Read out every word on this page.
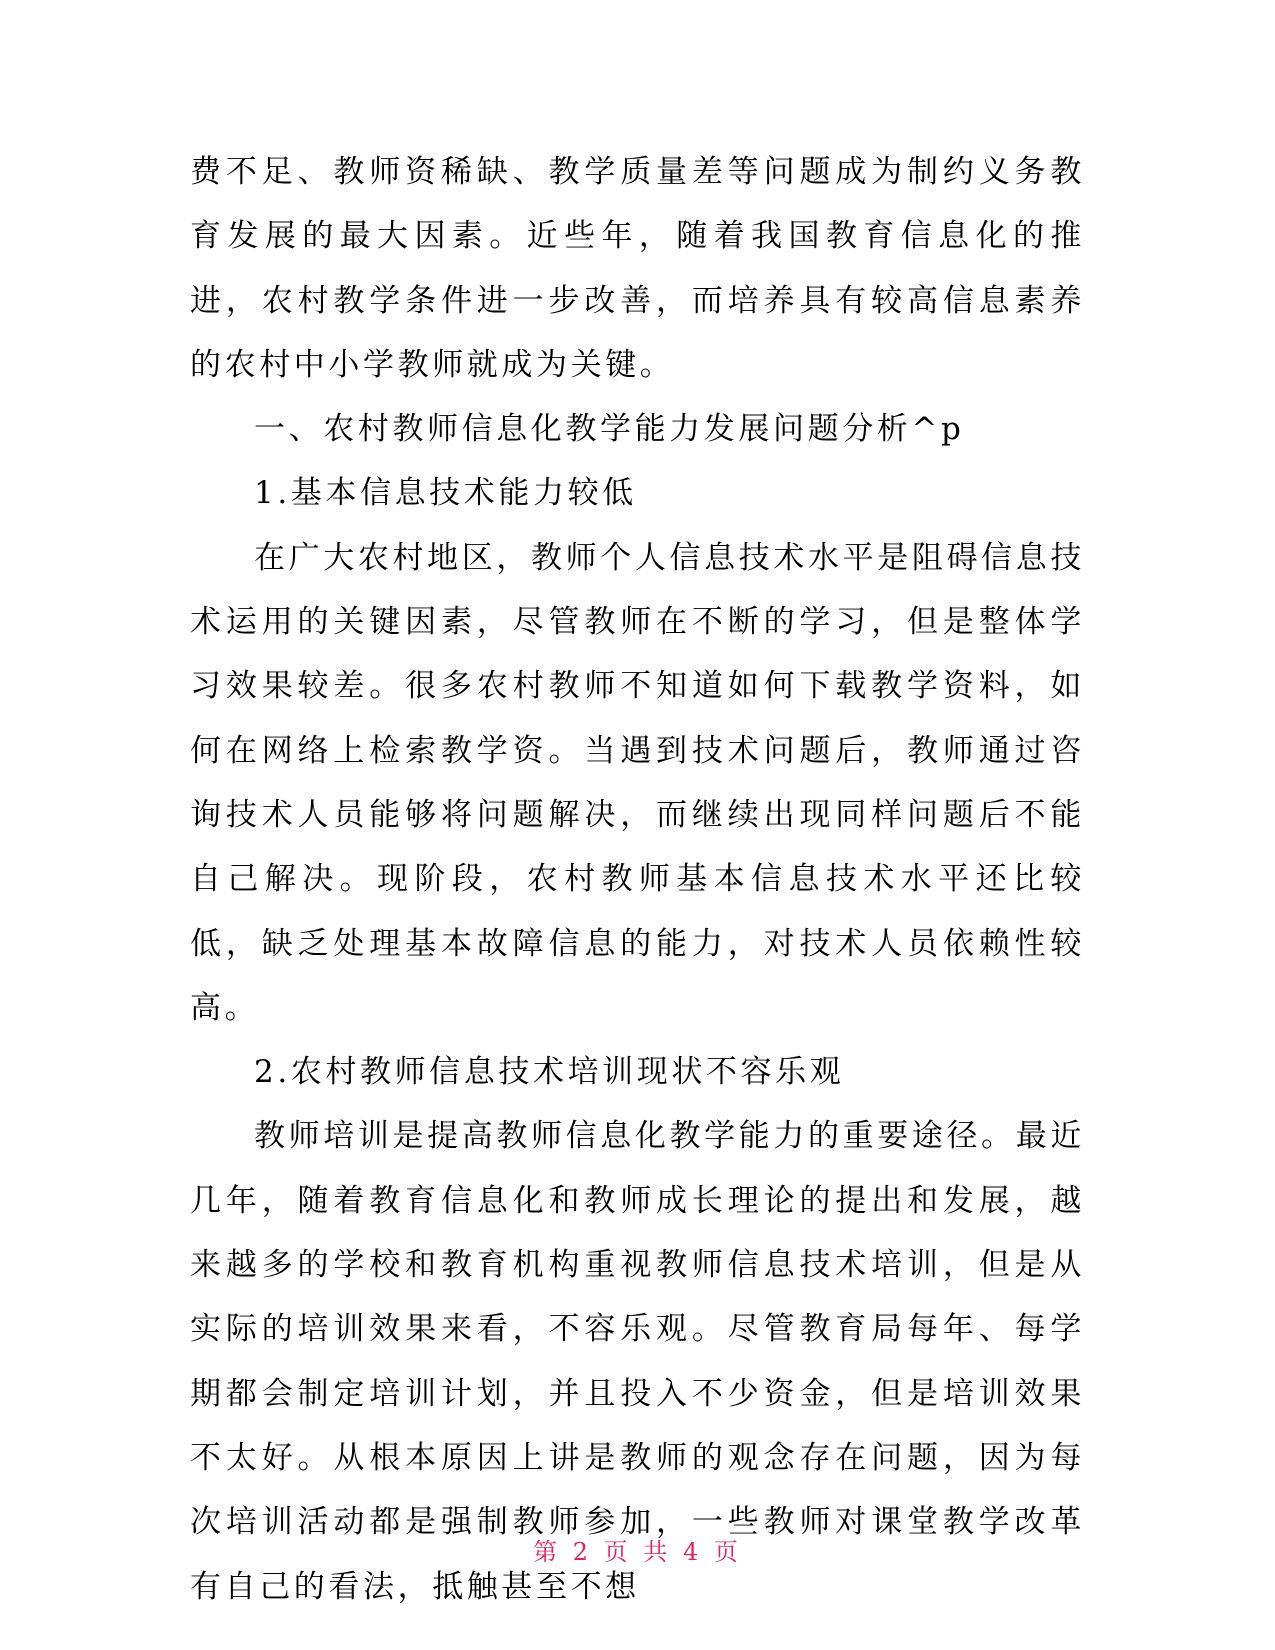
费不足、教师资稀缺、教学质量差等问题成为制约义务教育发展的最大因素。近些年，随着我国教育信息化的推进，农村教学条件进一步改善，而培养具有较高信息素养的农村中小学教师就成为关键。

一、农村教师信息化教学能力发展问题分析^p

1.基本信息技术能力较低

在广大农村地区，教师个人信息技术水平是阻碍信息技术运用的关键因素，尽管教师在不断的学习，但是整体学习效果较差。很多农村教师不知道如何下载教学资料，如何在网络上检索教学资。当遇到技术问题后，教师通过咨询技术人员能够将问题解决，而继续出现同样问题后不能自己解决。现阶段，农村教师基本信息技术水平还比较低，缺乏处理基本故障信息的能力，对技术人员依赖性较高。

2.农村教师信息技术培训现状不容乐观

教师培训是提高教师信息化教学能力的重要途径。最近几年，随着教育信息化和教师成长理论的提出和发展，越来越多的学校和教育机构重视教师信息技术培训，但是从实际的培训效果来看，不容乐观。尽管教育局每年、每学期都会制定培训计划，并且投入不少资金，但是培训效果不太好。从根本原因上讲是教师的观念存在问题，因为每次培训活动都是强制教师参加，一些教师对课堂教学改革有自己的看法，抵触甚至不想

第 2 页 共 4 页
